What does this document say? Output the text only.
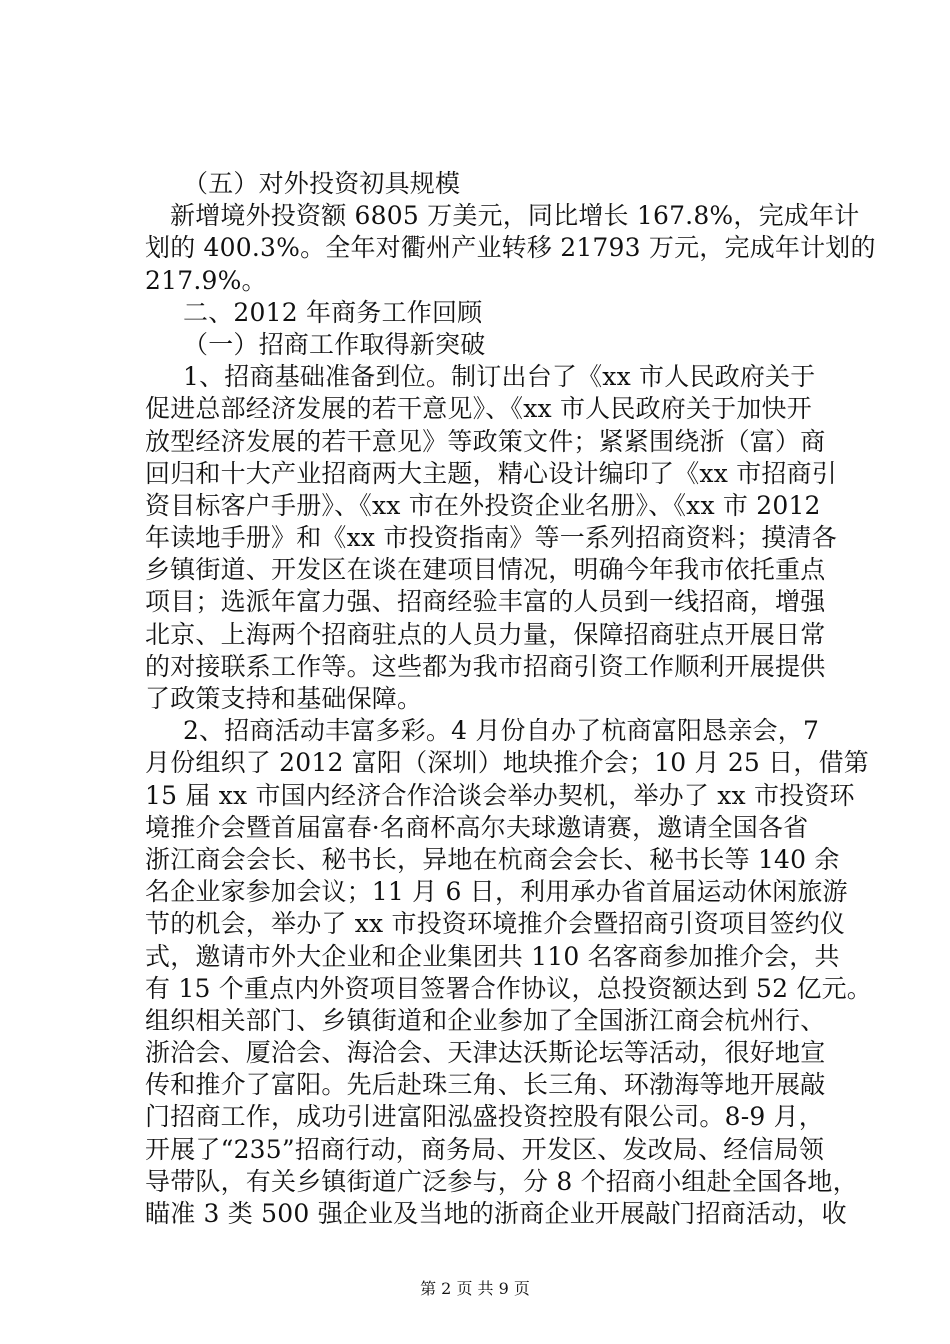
（五）对外投资初具规模
新增境外投资额 6805 万美元，同比增长 167.8%，完成年计
划的 400.3%。全年对衢州产业转移 21793 万元，完成年计划的
217.9%。
二、2012 年商务工作回顾
（一）招商工作取得新突破
1、招商基础准备到位。制订出台了《xx 市人民政府关于
促进总部经济发展的若干意见》、《xx 市人民政府关于加快开
放型经济发展的若干意见》等政策文件；紧紧围绕浙（富）商
回归和十大产业招商两大主题，精心设计编印了《xx 市招商引
资目标客户手册》、《xx 市在外投资企业名册》、《xx 市 2012
年读地手册》和《xx 市投资指南》等一系列招商资料；摸清各
乡镇街道、开发区在谈在建项目情况，明确今年我市依托重点
项目；选派年富力强、招商经验丰富的人员到一线招商，增强
北京、上海两个招商驻点的人员力量，保障招商驻点开展日常
的对接联系工作等。这些都为我市招商引资工作顺利开展提供
了政策支持和基础保障。
2、招商活动丰富多彩。4 月份自办了杭商富阳恳亲会，7
月份组织了 2012 富阳（深圳）地块推介会；10 月 25 日，借第
15 届 xx 市国内经济合作洽谈会举办契机，举办了 xx 市投资环
境推介会暨首届富春·名商杯高尔夫球邀请赛，邀请全国各省
浙江商会会长、秘书长，异地在杭商会会长、秘书长等 140 余
名企业家参加会议；11 月 6 日，利用承办省首届运动休闲旅游
节的机会，举办了 xx 市投资环境推介会暨招商引资项目签约仪
式，邀请市外大企业和企业集团共 110 名客商参加推介会，共
有 15 个重点内外资项目签署合作协议，总投资额达到 52 亿元。
组织相关部门、乡镇街道和企业参加了全国浙江商会杭州行、
浙洽会、厦洽会、海洽会、天津达沃斯论坛等活动，很好地宣
传和推介了富阳。先后赴珠三角、长三角、环渤海等地开展敲
门招商工作，成功引进富阳泓盛投资控股有限公司。8-9 月，
开展了“235”招商行动，商务局、开发区、发改局、经信局领
导带队，有关乡镇街道广泛参与，分 8 个招商小组赴全国各地，
瞄准 3 类 500 强企业及当地的浙商企业开展敲门招商活动，收
第 2 页 共 9 页
